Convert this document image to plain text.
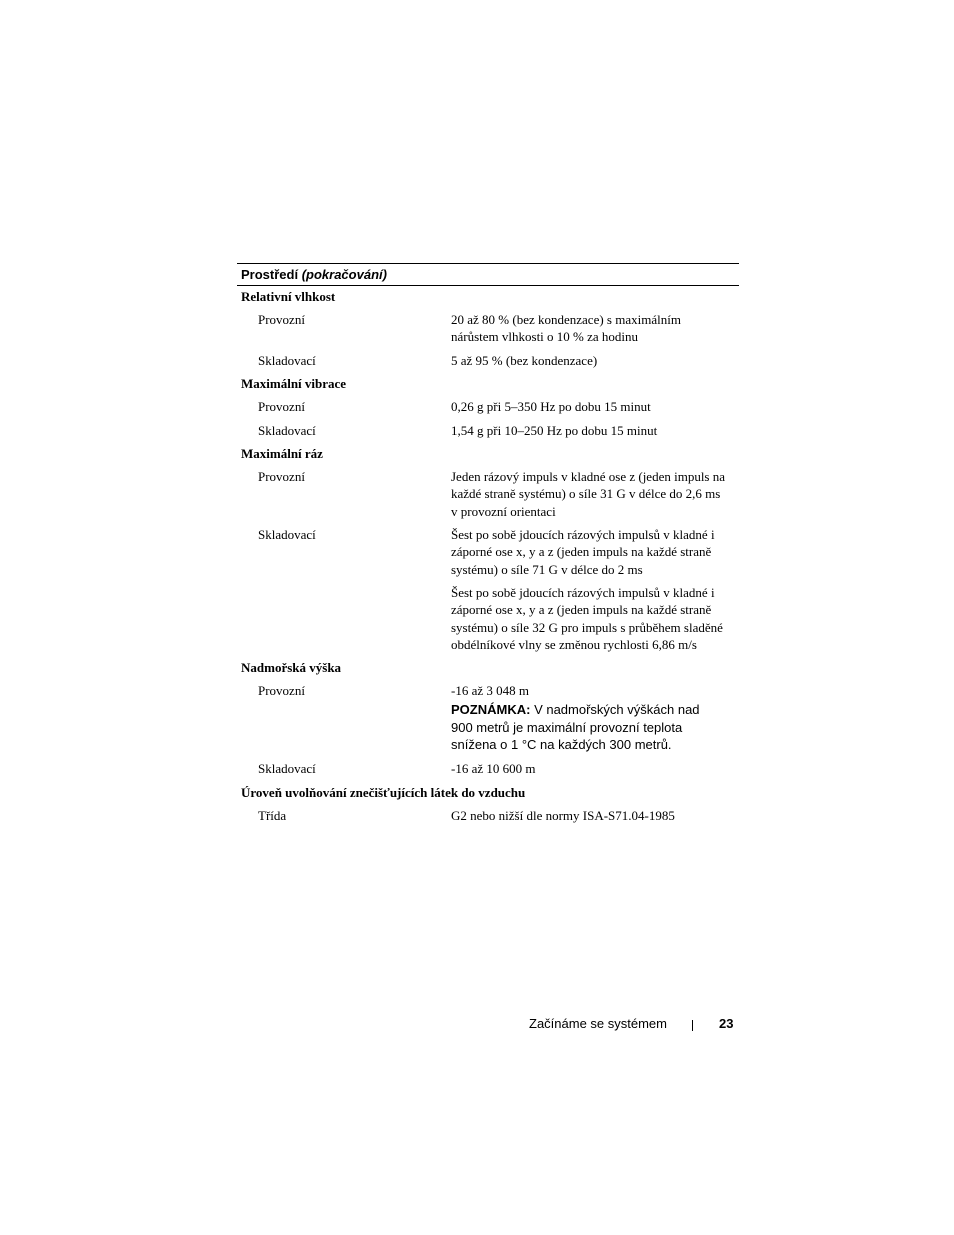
Prostředí (pokračování)
Relativní vlhkost
Provozní	20 až 80 % (bez kondenzace) s maximálním
nárůstem vlhkosti o 10 % za hodinu
Skladovací	5 až 95 % (bez kondenzace)
Maximální vibrace
Provozní	0,26 g při 5–350 Hz po dobu 15 minut
Skladovací	1,54 g při 10–250 Hz po dobu 15 minut
Maximální ráz
Provozní	Jeden rázový impuls v kladné ose z (jeden impuls na
každé straně systému) o síle 31 G v délce do 2,6 ms
v provozní orientaci
Skladovací	Šest po sobě jdoucích rázových impulsů v kladné i
záporné ose x, y a z (jeden impuls na každé straně
systému) o síle 71 G v délce do 2 ms
Šest po sobě jdoucích rázových impulsů v kladné i
záporné ose x, y a z (jeden impuls na každé straně
systému) o síle 32 G pro impuls s průběhem sladěné
obdélníkové vlny se změnou rychlosti 6,86 m/s
Nadmořská výška
Provozní	-16 až 3 048 m
POZNÁMKA: V nadmořských výškách nad
900 metrů je maximální provozní teplota
snížena o 1 °C na každých 300 metrů.
Skladovací	-16 až 10 600 m
Úroveň uvolňování znečišťujících látek do vzduchu
Třída	G2 nebo nižší dle normy ISA-S71.04-1985
Začínáme se systémem	23
